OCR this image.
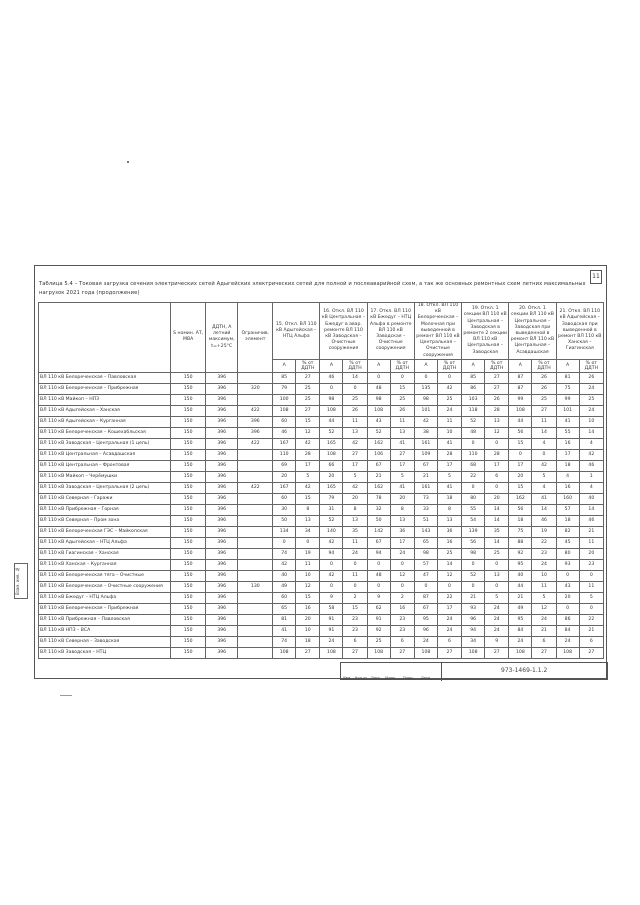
11
Таблица 5.4 – Токовая загрузка сечения электрических сетей Адыгейских электрических сетей для полной и послеаварийной схем, а так же основных ремонтных схем летних максимальных нагрузок 2021 года (продолжение)
	S номин. АТ, МВА	ДДТН, А летний максимум, t=+25°C	Ограничив. элемент	15. Откл. ВЛ 110 кВ Адыгейская – НТЦ Альфа		16. Откл. ВЛ 110 кВ Центральная – Бжедуг в авар. ремонте ВЛ 110 кВ Заводская – Очистные сооружения		17. Откл. ВЛ 110 кВ Бжедуг – НТЦ Альфа в ремонте ВЛ 110 кВ Заводская – Очистные сооружения		18. Откл. ВЛ 110 кВ Белореченская – Молочная при выведенной в ремонт ВЛ 110 кВ Центральная – Очистные сооружения		19. Откл. 1 секции ВЛ 110 кВ Центральная – Заводская в ремонте 2 секции ВЛ 110 кВ Центральная – Заводская		20. Откл. 1 секции ВЛ 110 кВ Центральная – Заводская при выведенной в ремонт ВЛ 110 кВ Центральная – Асавдашская		21. Откл. ВЛ 110 кВ Адыгейская – Заводская при выведенной в ремонт ВЛ 110 кВ Ханская – Гиагинская	
				А	% от ДДТН	А	% от ДДТН	А	% от ДДТН	А	% от ДДТН	А	% от ДДТН	А	% от ДДТН	А	% от ДДТН
ВЛ 110 кВ Белореченская – Павловская	150	396		85	27	46	14	0	0	0	0	85	27	87	26	81	26
ВЛ 110 кВ Белореченская – Прибрежная	150	396	320	79	25	0	0	48	15	135	42	86	27	87	26	75	24
ВЛ 110 кВ Майкоп – НПЗ	150	396		100	25	98	25	98	25	98	25	103	26	99	25	99	25
ВЛ 110 кВ Адыгейская – Ханская	150	396	422	108	27	108	26	108	26	101	24	118	28	108	27	101	24
ВЛ 110 кВ Адыгейская – Курганная	150	396	396	60	15	44	11	43	11	42	11	52	13	44	11	41	10
ВЛ 110 кВ Белореченская – Кошехабльская	150	396	396	46	12	52	13	52	13	38	10	48	12	56	14	55	14
ВЛ 110 кВ Заводская – Центральная (1 цепь)	150	396	422	167	42	165	42	162	41	161	41	0	0	15	4	16	4
ВЛ 110 кВ Центральная – Асавдашская	150	396		110	28	108	27	106	27	109	28	110	28	0	0	17	42
ВЛ 110 кВ Центральная – Фронтовая	150	396		69	17	66	17	67	17	67	17	68	17	17	42	18	46
ВЛ 110 кВ Майкоп – Черёмушки	150	396		20	5	20	5	21	5	21	5	22	6	20	5	4	1
ВЛ 110 кВ Заводская – Центральная (2 цепь)	150	396	422	167	42	165	42	162	41	161	41	0	0	15	4	16	4
ВЛ 110 кВ Северная – Гаражи	150	396		60	15	79	20	78	20	73	18	80	20	162	41	160	40
ВЛ 110 кВ Прибрежная – Горная	150	396		30	8	31	8	32	8	33	8	55	14	56	14	57	14
ВЛ 110 кВ Северная – Пром зона	150	396		50	13	52	13	50	13	51	13	54	14	18	46	18	46
ВЛ 110 кВ Белореченская ГЭС – Майкопская	150	396		134	34	140	35	142	36	143	36	139	35	75	19	82	21
ВЛ 110 кВ Адыгейская – НТЦ Альфа	150	396		0	0	42	11	67	17	65	16	56	14	88	22	45	11
ВЛ 110 кВ Гиагинская – Ханская	150	396		74	19	94	24	94	24	98	25	98	25	92	23	80	20
ВЛ 110 кВ Ханская – Курганная	150	396		42	11	0	0	0	0	57	14	0	0	95	24	93	23
ВЛ 110 кВ Белореченская тяга – Очистные	150	396		40	10	42	11	48	12	47	12	52	13	40	10	0	0
ВЛ 110 кВ Белореченская – Очистные сооружения	150	396	130	49	12	0	0	0	0	0	0	0	0	44	11	43	11
ВЛ 110 кВ Бжедуг – НТЦ Альфа	150	396		60	15	9	2	9	2	87	22	21	5	21	5	20	5
ВЛ 110 кВ Белореченская – Прибрежная	150	396		65	16	58	15	62	16	67	17	93	24	49	12	0	0
ВЛ 110 кВ Прибрежная – Павловская	150	396		81	20	91	23	91	23	95	24	96	24	95	24	86	22
ВЛ 110 кВ НПЗ – ВСА	150	396		41	10	91	23	92	23	96	24	94	24	84	21	84	21
ВЛ 110 кВ Северная – Заводская	150	396		74	18	24	6	25	6	24	6	34	9	24	6	24	6
ВЛ 110 кВ Заводская – НТЦ	150	396		108	27	108	27	108	27	108	27	108	27	108	27	108	27
Изм. Кол.уч. Лист №док. Подп. Дата
973-1469-1.1.2
Взам. инв. №
